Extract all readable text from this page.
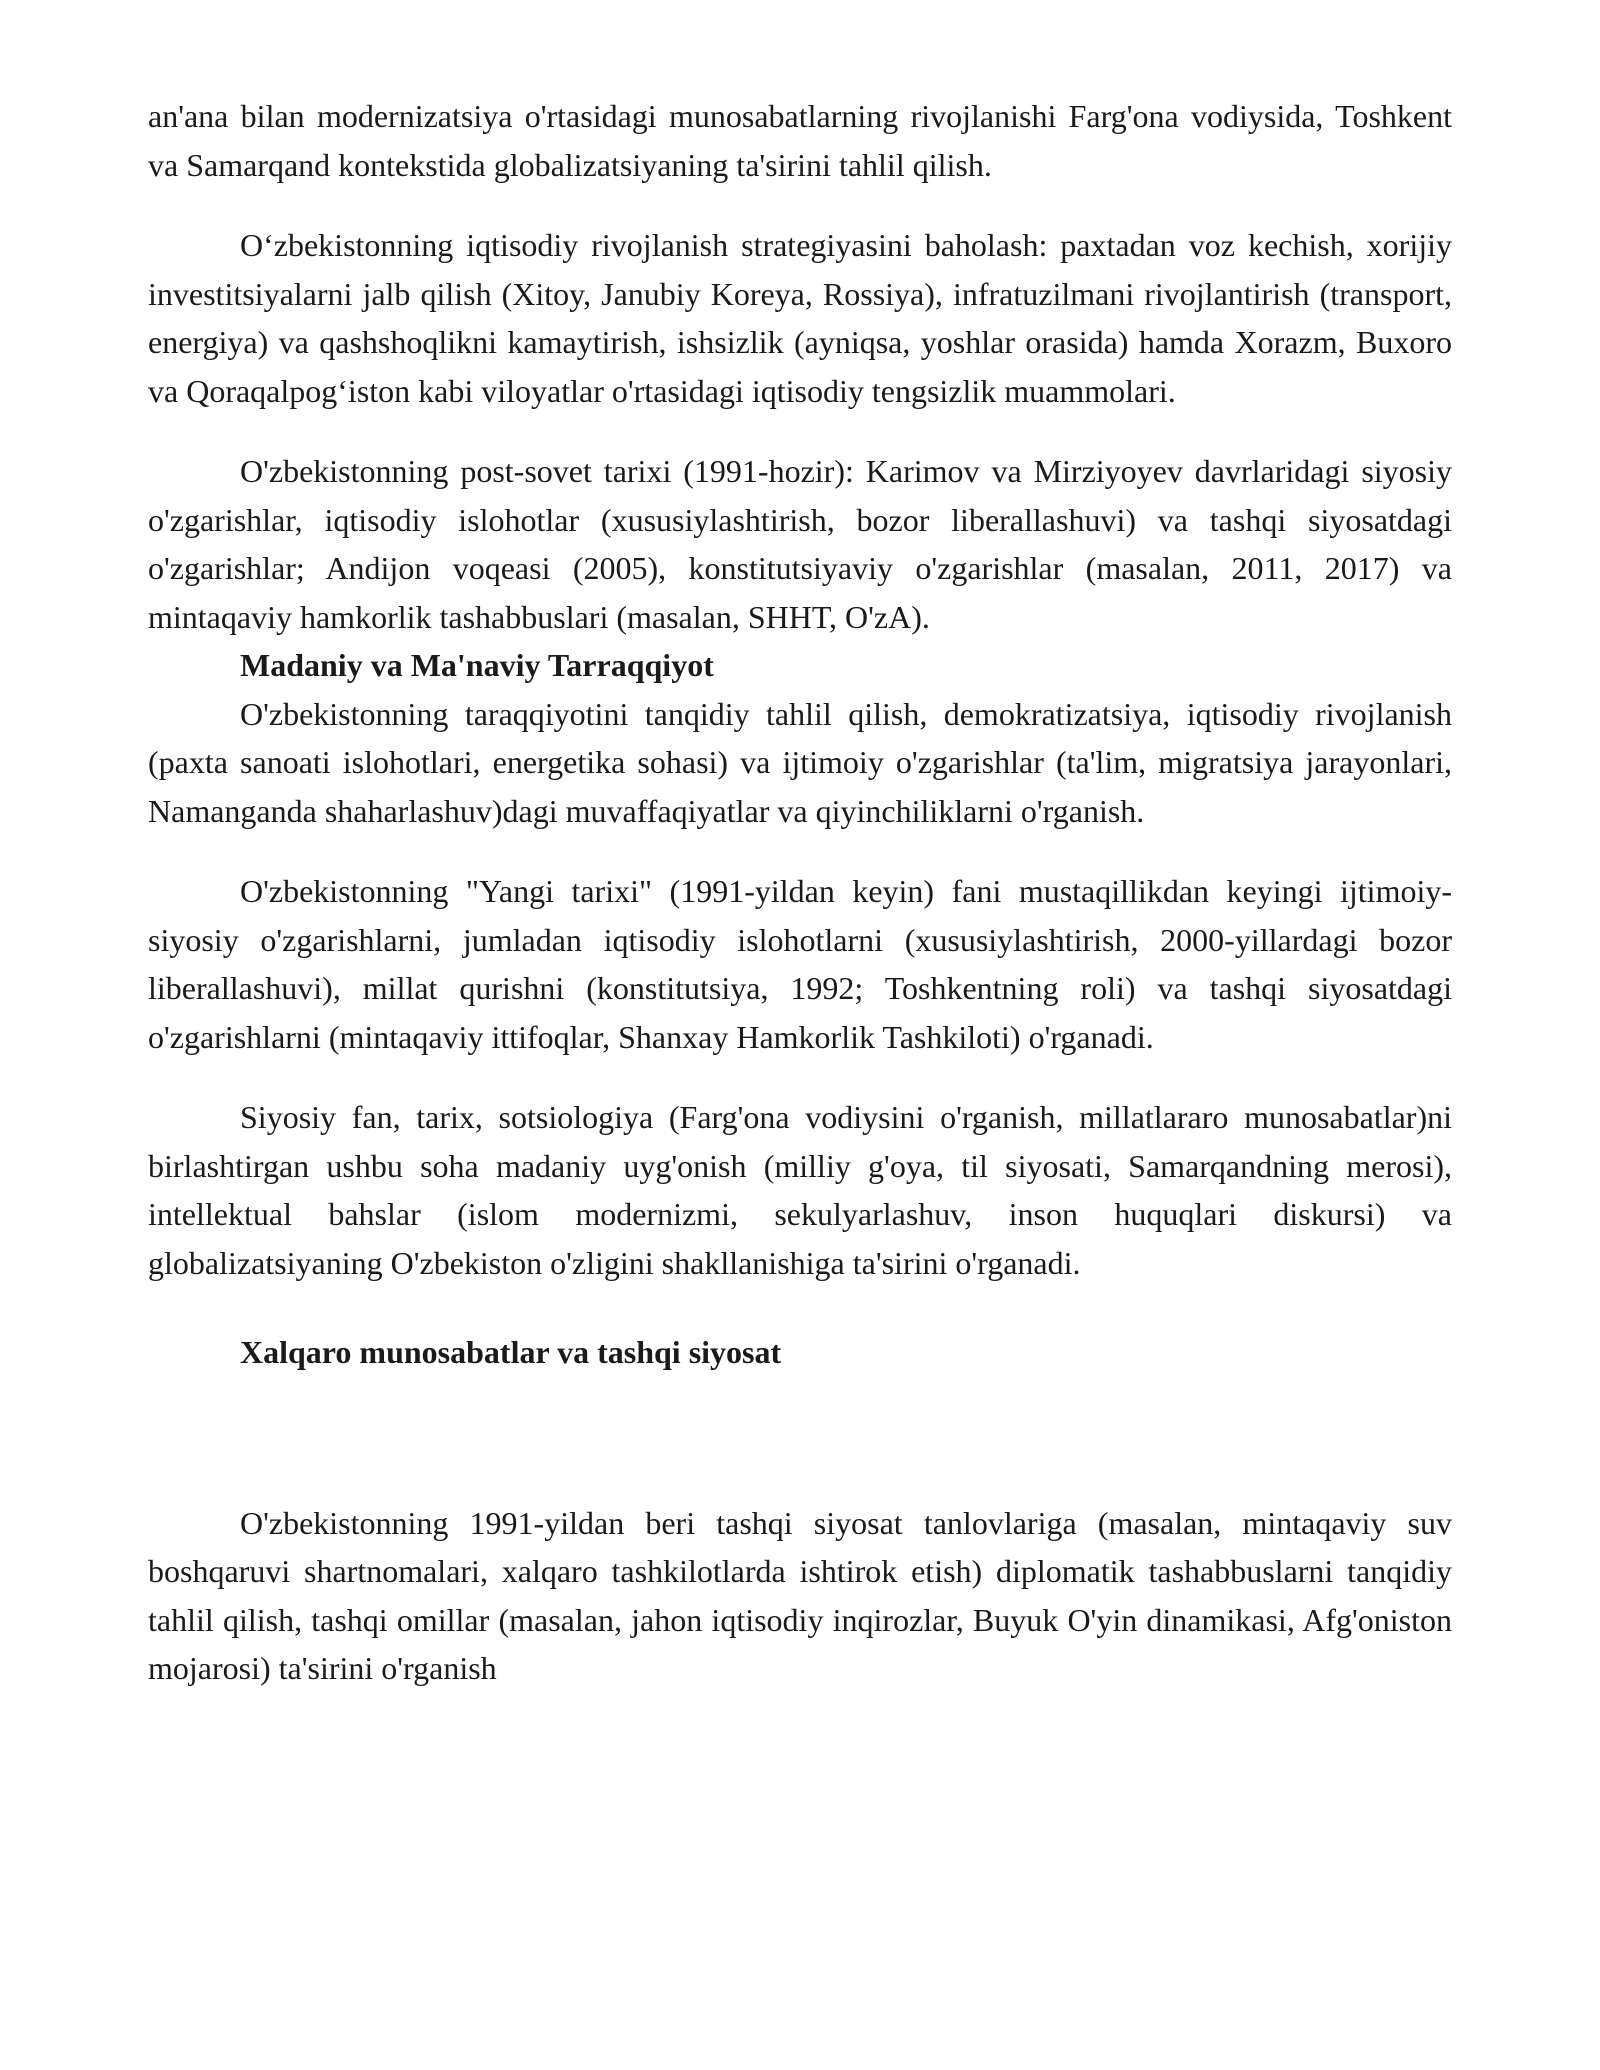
an'ana bilan modernizatsiya o'rtasidagi munosabatlarning rivojlanishi Farg'ona vodiysida, Toshkent va Samarqand kontekstida globalizatsiyaning ta'sirini tahlil qilish.

O‘zbekistonning iqtisodiy rivojlanish strategiyasini baholash: paxtadan voz kechish, xorijiy investitsiyalarni jalb qilish (Xitoy, Janubiy Koreya, Rossiya), infratuzilmani rivojlantirish (transport, energiya) va qashshoqlikni kamaytirish, ishsizlik (ayniqsa, yoshlar orasida) hamda Xorazm, Buxoro va Qoraqalpog‘iston kabi viloyatlar o'rtasidagi iqtisodiy tengsizlik muammolari.

O'zbekistonning post-sovet tarixi (1991-hozir): Karimov va Mirziyoyev davrlaridagi siyosiy o'zgarishlar, iqtisodiy islohotlar (xususiylashtirish, bozor liberallashuvi) va tashqi siyosatdagi o'zgarishlar; Andijon voqeasi (2005), konstitutsiyaviy o'zgarishlar (masalan, 2011, 2017) va mintaqaviy hamkorlik tashabbuslari (masalan, SHHT, O'zA).

Madaniy va Ma'naviy Tarraqqiyot

O'zbekistonning taraqqiyotini tanqidiy tahlil qilish, demokratizatsiya, iqtisodiy rivojlanish (paxta sanoati islohotlari, energetika sohasi) va ijtimoiy o'zgarishlar (ta'lim, migratsiya jarayonlari, Namanganda shaharlashuv)dagi muvaffaqiyatlar va qiyinchiliklarni o'rganish.

O'zbekistonning "Yangi tarixi" (1991-yildan keyin) fani mustaqillikdan keyingi ijtimoiy-siyosiy o'zgarishlarni, jumladan iqtisodiy islohotlarni (xususiylashtirish, 2000-yillardagi bozor liberallashuvi), millat qurishni (konstitutsiya, 1992; Toshkentning roli) va tashqi siyosatdagi o'zgarishlarni (mintaqaviy ittifoqlar, Shanxay Hamkorlik Tashkiloti) o'rganadi.

Siyosiy fan, tarix, sotsiologiya (Farg'ona vodiysini o'rganish, millatlararo munosabatlar)ni birlashtirgan ushbu soha madaniy uyg'onish (milliy g'oya, til siyosati, Samarqandning merosi), intellektual bahslar (islom modernizmi, sekulyarlashuv, inson huquqlari diskursi) va globalizatsiyaning O'zbekiston o'zligini shakllanishiga ta'sirini o'rganadi.

Xalqaro munosabatlar va tashqi siyosat

O'zbekistonning 1991-yildan beri tashqi siyosat tanlovlariga (masalan, mintaqaviy suv boshqaruvi shartnomalari, xalqaro tashkilotlarda ishtirok etish) diplomatik tashabbuslarni tanqidiy tahlil qilish, tashqi omillar (masalan, jahon iqtisodiy inqirozlar, Buyuk O'yin dinamikasi, Afg'oniston mojarosi) ta'sirini o'rganish
